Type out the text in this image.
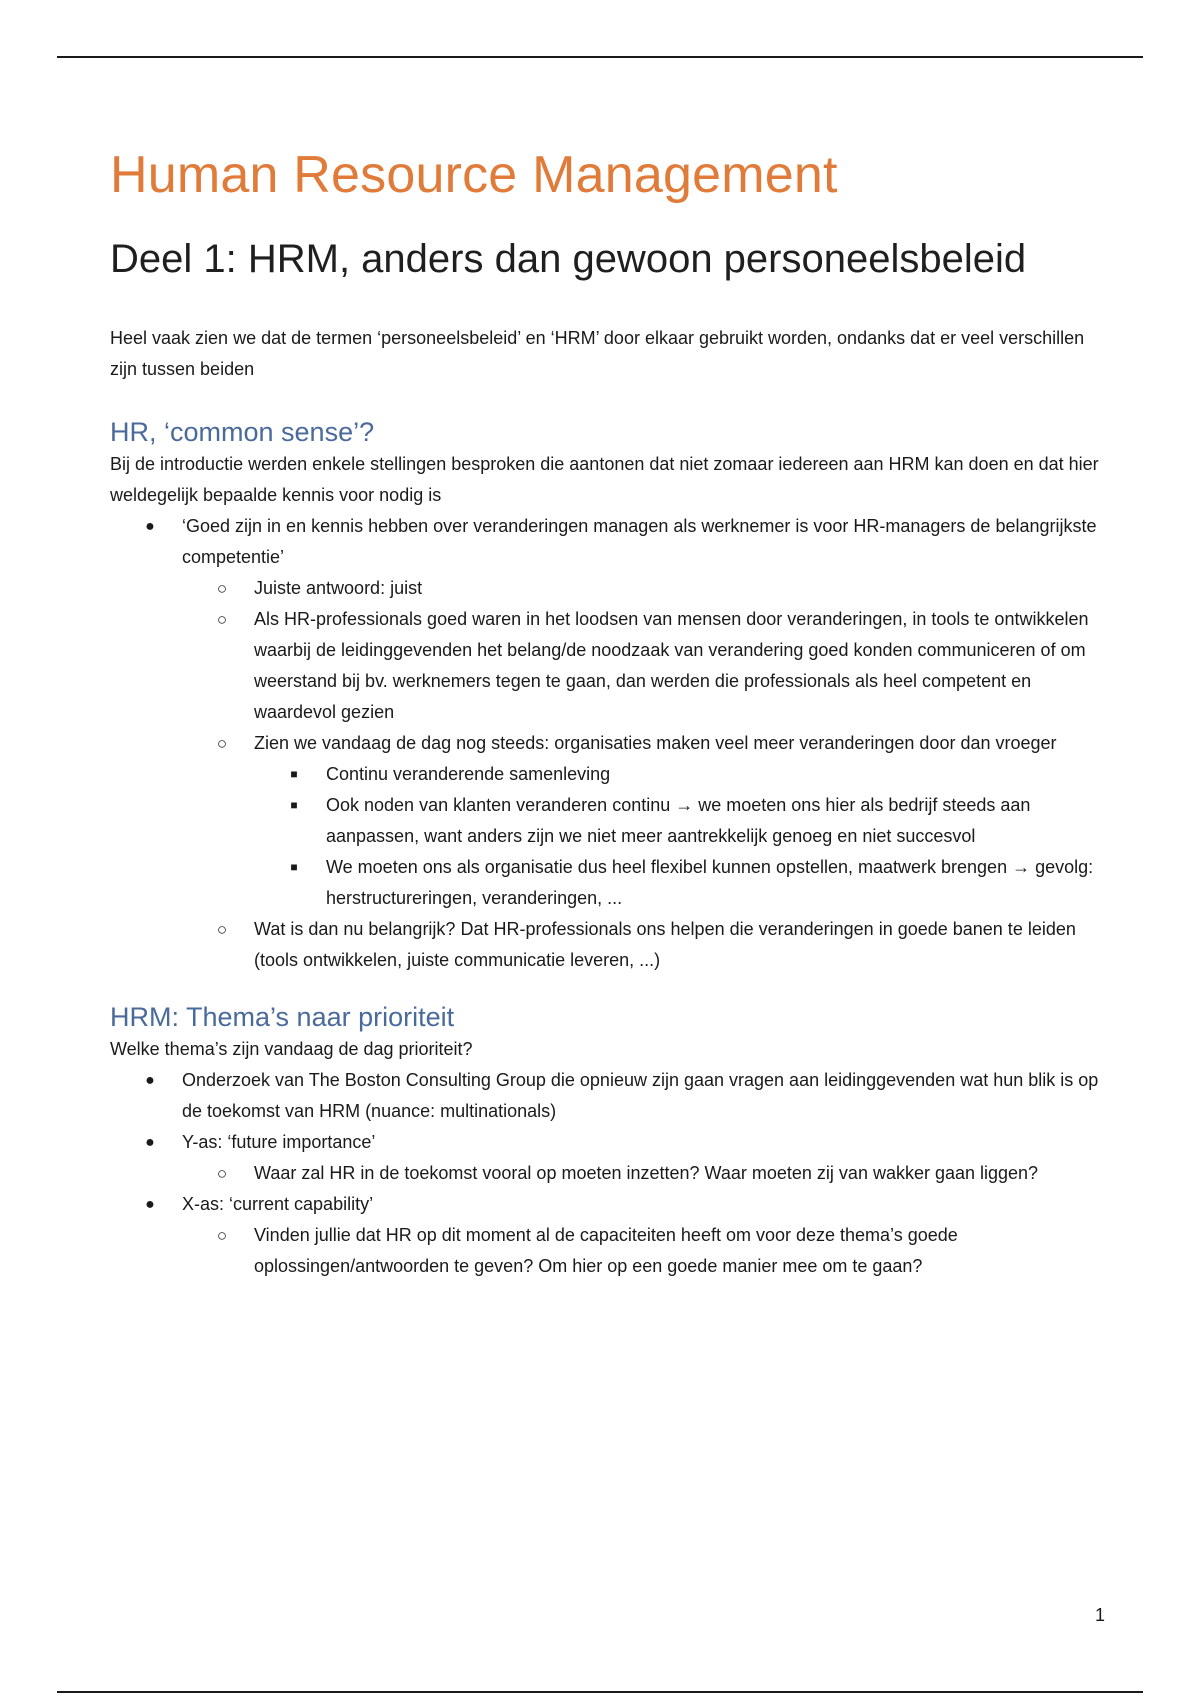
Human Resource Management
Deel 1: HRM, anders dan gewoon personeelsbeleid

Heel vaak zien we dat de termen ‘personeelsbeleid’ en ‘HRM’ door elkaar gebruikt worden, ondanks dat er veel verschillen zijn tussen beiden

HR, ‘common sense’?

Bij de introductie werden enkele stellingen besproken die aantonen dat niet zomaar iedereen aan HRM kan doen en dat hier weldegelijk bepaalde kennis voor nodig is

● ‘Goed zijn in en kennis hebben over veranderingen managen als werknemer is voor HR-managers de belangrijkste competentie’
○ Juiste antwoord: juist
○ Als HR-professionals goed waren in het loodsen van mensen door veranderingen, in tools te ontwikkelen waarbij de leidinggevenden het belang/de noodzaak van verandering goed konden communiceren of om weerstand bij bv. werknemers tegen te gaan, dan werden die professionals als heel competent en waardevol gezien
○ Zien we vandaag de dag nog steeds: organisaties maken veel meer veranderingen door dan vroeger
■	Continu veranderende samenleving
■	Ook noden van klanten veranderen continu → we moeten ons hier als bedrijf steeds aan aanpassen, want anders zijn we niet meer aantrekkelijk genoeg en niet succesvol
■	We moeten ons als organisatie dus heel flexibel kunnen opstellen, maatwerk brengen → gevolg: herstructureringen, veranderingen, ...
○ Wat is dan nu belangrijk? Dat HR-professionals ons helpen die veranderingen in goede banen te leiden (tools ontwikkelen, juiste communicatie leveren, ...)
HRM: Thema’s naar prioriteit

Welke thema’s zijn vandaag de dag prioriteit?

● Onderzoek van The Boston Consulting Group die opnieuw zijn gaan vragen aan leidinggevenden wat hun blik is op de toekomst van HRM (nuance: multinationals)
● Y-as: ‘future importance’
○ Waar zal HR in de toekomst vooral op moeten inzetten? Waar moeten zij van wakker gaan liggen?
● X-as: ‘current capability’
○ Vinden jullie dat HR op dit moment al de capaciteiten heeft om voor deze thema’s goede oplossingen/antwoorden te geven? Om hier op een goede manier mee om te gaan?
1
